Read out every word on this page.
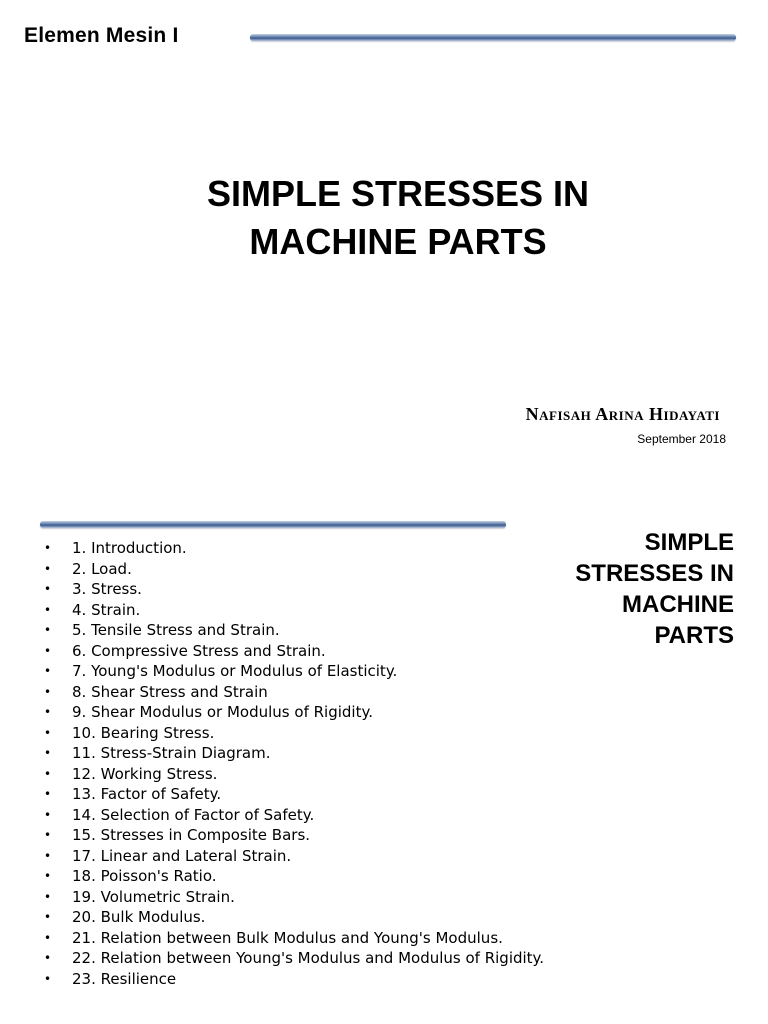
Elemen Mesin I
SIMPLE STRESSES IN
MACHINE PARTS
Nafisah Arina Hidayati
September 2018
• 1. Introduction.
• 2. Load.
• 3. Stress.
• 4. Strain.
• 5. Tensile Stress and Strain.
• 6. Compressive Stress and Strain.
• 7. Young's Modulus or Modulus of Elasticity.
• 8. Shear Stress and Strain
• 9. Shear Modulus or Modulus of Rigidity.
• 10. Bearing Stress.
• 11. Stress-Strain Diagram.
• 12. Working Stress.
• 13. Factor of Safety.
• 14. Selection of Factor of Safety.
• 15. Stresses in Composite Bars.
• 17. Linear and Lateral Strain.
• 18. Poisson's Ratio.
• 19. Volumetric Strain.
• 20. Bulk Modulus.
• 21. Relation between Bulk Modulus and Young's Modulus.
• 22. Relation between Young's Modulus and Modulus of Rigidity.
• 23. Resilience
SIMPLE
STRESSES IN
MACHINE
PARTS
